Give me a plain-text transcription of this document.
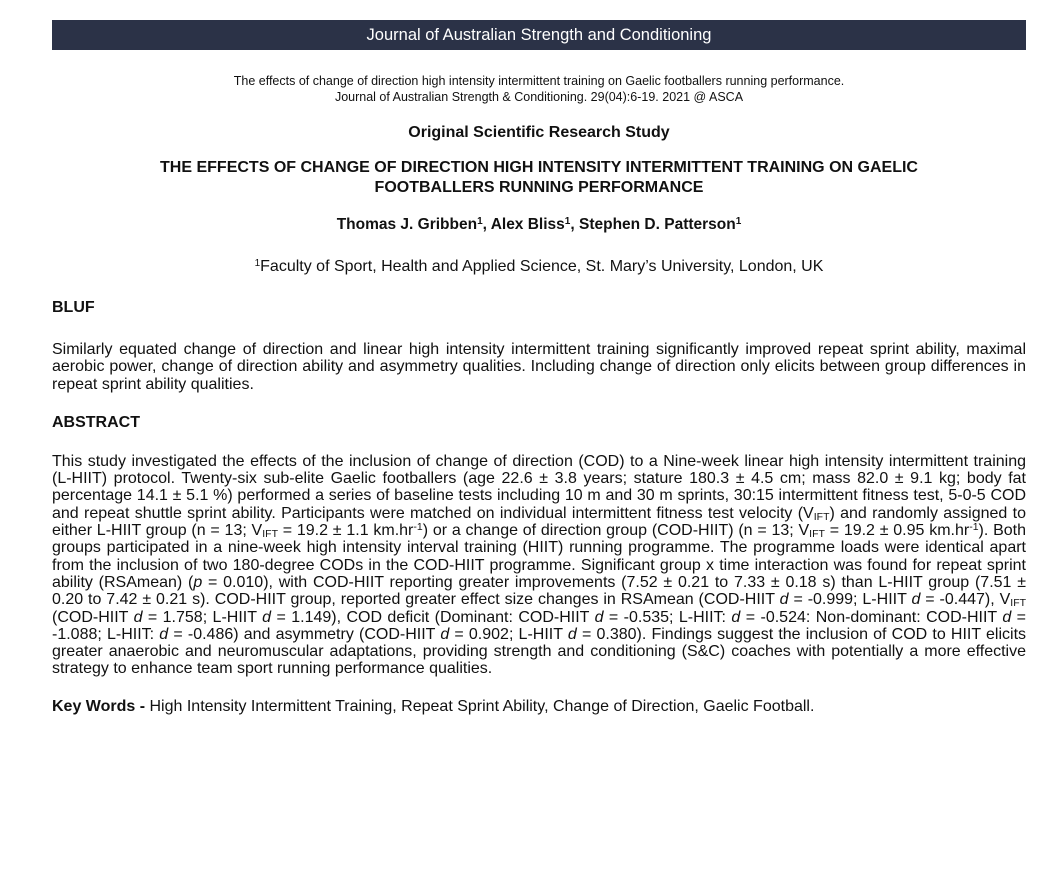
Journal of Australian Strength and Conditioning
The effects of change of direction high intensity intermittent training on Gaelic footballers running performance.
Journal of Australian Strength & Conditioning. 29(04):6-19. 2021 @ ASCA
Original Scientific Research Study
THE EFFECTS OF CHANGE OF DIRECTION HIGH INTENSITY INTERMITTENT TRAINING ON GAELIC
FOOTBALLERS RUNNING PERFORMANCE
Thomas J. Gribben$^1$, Alex Bliss$^1$, Stephen D. Patterson$^1$
$^1$Faculty of Sport, Health and Applied Science, St. Mary’s University, London, UK
BLUF
Similarly equated change of direction and linear high intensity intermittent training significantly improved repeat sprint ability, maximal aerobic power, change of direction ability and asymmetry qualities. Including change of direction only elicits between group differences in repeat sprint ability qualities.
ABSTRACT
This study investigated the effects of the inclusion of change of direction (COD) to a Nine-week linear high intensity intermittent training (L-HIIT) protocol. Twenty-six sub-elite Gaelic footballers (age 22.6 ± 3.8 years; stature 180.3 ± 4.5 cm; mass 82.0 ± 9.1 kg; body fat percentage 14.1 ± 5.1 %) performed a series of baseline tests including 10 m and 30 m sprints, 30:15 intermittent fitness test, 5-0-5 COD and repeat shuttle sprint ability. Participants were matched on individual intermittent fitness test velocity $(V_{IFT})$ and randomly assigned to either L-HIIT group (n = 13; $V_{IFT} = 19.2 \pm 1.1$ $km.hr^{-1}$) or a change of direction group (COD-HIIT) (n = 13; $V_{IFT} = 19.2 \pm 0.95$ $km.hr^{-1}$). Both groups participated in a nine-week high intensity interval training (HIIT) running programme. The programme loads were identical apart from the inclusion of two 180-degree CODs in the COD-HIIT programme. Significant group x time interaction was found for repeat sprint ability (RSAmean) (p = 0.010), with COD-HIIT reporting greater improvements (7.52 ± 0.21 to 7.33 ± 0.18 s) than L-HIIT group (7.51 ± 0.20 to 7.42 ± 0.21 s). COD-HIIT group, reported greater effect size changes in RSAmean (COD-HIIT d = -0.999; L-HIIT d = -0.447), $V_{IFT}$ (COD-HIIT d = 1.758; L-HIIT d = 1.149), COD deficit (Dominant: COD-HIIT d = -0.535; L-HIIT: d = -0.524: Non-dominant: COD-HIIT d = -1.088; L-HIIT: d = -0.486) and asymmetry (COD-HIIT d = 0.902; L-HIIT d = 0.380). Findings suggest the inclusion of COD to HIIT elicits greater anaerobic and neuromuscular adaptations, providing strength and conditioning (S&C) coaches with potentially a more effective strategy to enhance team sport running performance qualities.
Key Words - High Intensity Intermittent Training, Repeat Sprint Ability, Change of Direction, Gaelic Football.
